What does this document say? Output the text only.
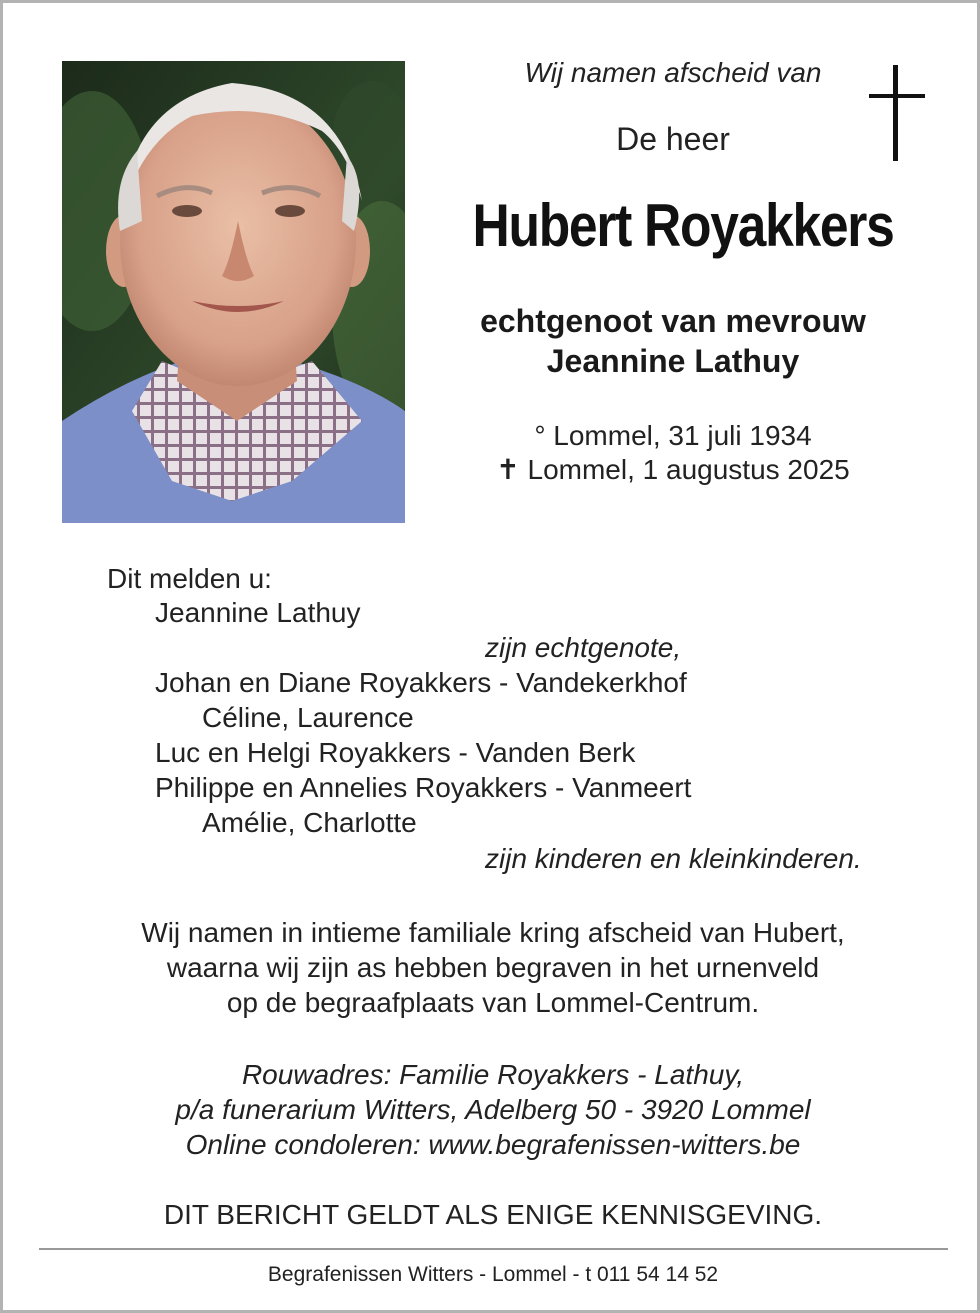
Wij namen afscheid van
De heer
Hubert Royakkers
echtgenoot van mevrouw
Jeannine Lathuy
° Lommel, 31 juli 1934
✝ Lommel, 1 augustus 2025
Dit melden u:
Jeannine Lathuy
zijn echtgenote,
Johan en Diane Royakkers - Vandekerkhof
Céline, Laurence
Luc en Helgi Royakkers - Vanden Berk
Philippe en Annelies Royakkers - Vanmeert
Amélie, Charlotte
zijn kinderen en kleinkinderen.
Wij namen in intieme familiale kring afscheid van Hubert,
waarna wij zijn as hebben begraven in het urnenveld
op de begraafplaats van Lommel-Centrum.
Rouwadres: Familie Royakkers - Lathuy,
p/a funerarium Witters, Adelberg 50 - 3920 Lommel
Online condoleren: www.begrafenissen-witters.be
DIT BERICHT GELDT ALS ENIGE KENNISGEVING.
Begrafenissen Witters - Lommel - t 011 54 14 52
